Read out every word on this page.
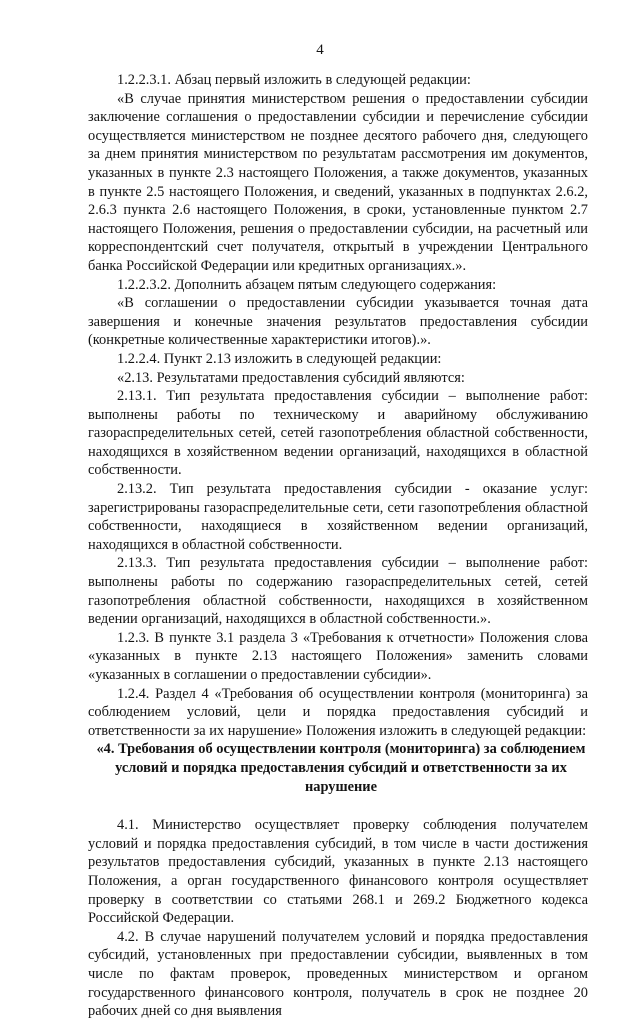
4

1.2.2.3.1. Абзац первый изложить в следующей редакции:

«В случае принятия министерством решения о предоставлении субсидии заключение соглашения о предоставлении субсидии и перечисление субсидии осуществляется министерством не позднее десятого рабочего дня, следующего за днем принятия министерством по результатам рассмотрения им документов, указанных в пункте 2.3 настоящего Положения, а также документов, указанных в пункте 2.5 настоящего Положения, и сведений, указанных в подпунктах 2.6.2, 2.6.3 пункта 2.6 настоящего Положения, в сроки, установленные пунктом 2.7 настоящего Положения, решения о предоставлении субсидии, на расчетный или корреспондентский счет получателя, открытый в учреждении Центрального банка Российской Федерации или кредитных организациях.».

1.2.2.3.2. Дополнить абзацем пятым следующего содержания:

«В соглашении о предоставлении субсидии указывается точная дата завершения и конечные значения результатов предоставления субсидии (конкретные количественные характеристики итогов).».

1.2.2.4. Пункт 2.13 изложить в следующей редакции:

«2.13. Результатами предоставления субсидий являются:

2.13.1. Тип результата предоставления субсидии – выполнение работ: выполнены работы по техническому и аварийному обслуживанию газораспределительных сетей, сетей газопотребления областной собственности, находящихся в хозяйственном ведении организаций, находящихся в областной собственности.

2.13.2. Тип результата предоставления субсидии - оказание услуг: зарегистрированы газораспределительные сети, сети газопотребления областной собственности, находящиеся в хозяйственном ведении организаций, находящихся в областной собственности.

2.13.3. Тип результата предоставления субсидии – выполнение работ: выполнены работы по содержанию газораспределительных сетей, сетей газопотребления областной собственности, находящихся в хозяйственном ведении организаций, находящихся в областной собственности.».

1.2.3. В пункте 3.1 раздела 3 «Требования к отчетности» Положения слова «указанных в пункте 2.13 настоящего Положения» заменить словами «указанных в соглашении о предоставлении субсидии».

1.2.4. Раздел 4 «Требования об осуществлении контроля (мониторинга) за соблюдением условий, цели и порядка предоставления субсидий и ответственности за их нарушение» Положения изложить в следующей редакции:

«4. Требования об осуществлении контроля (мониторинга) за соблюдением условий и порядка предоставления субсидий и ответственности за их нарушение

4.1. Министерство осуществляет проверку соблюдения получателем условий и порядка предоставления субсидий, в том числе в части достижения результатов предоставления субсидий, указанных в пункте 2.13 настоящего Положения, а орган государственного финансового контроля осуществляет проверку в соответствии со статьями 268.1 и 269.2 Бюджетного кодекса Российской Федерации.

4.2. В случае нарушений получателем условий и порядка предоставления субсидий, установленных при предоставлении субсидии, выявленных в том числе по фактам проверок, проведенных министерством и органом государственного финансового контроля, получатель в срок не позднее 20 рабочих дней со дня выявления
